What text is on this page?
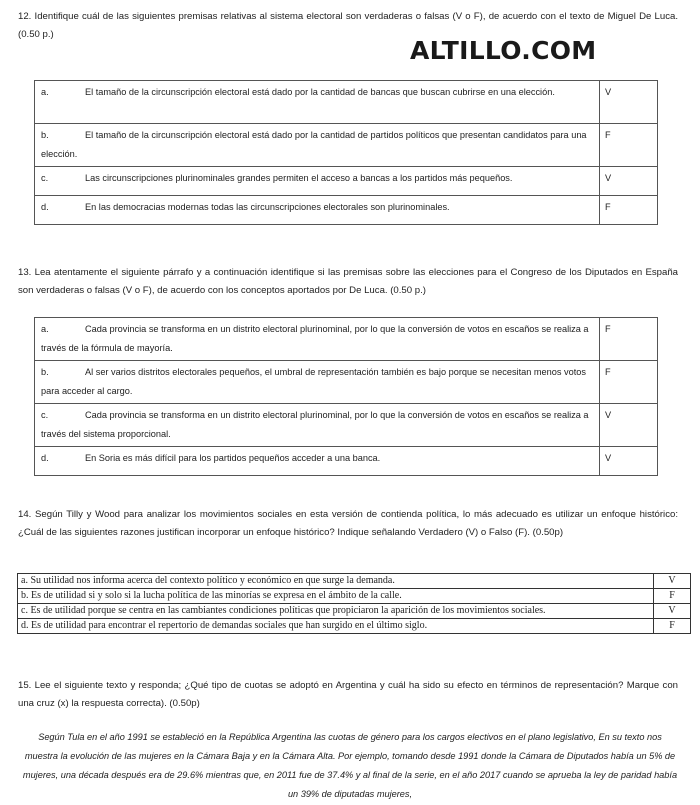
12. Identifique cuál de las siguientes premisas relativas al sistema electoral son verdaderas o falsas (V o F), de acuerdo con el texto de Miguel De Luca. (0.50 p.)
ALTILLO.COM
a. El tamaño de la circunscripción electoral está dado por la cantidad de bancas que buscan cubrirse en una elección.	V
b. El tamaño de la circunscripción electoral está dado por la cantidad de partidos políticos que presentan candidatos para una elección.	F
c. Las circunscripciones plurinominales grandes permiten el acceso a bancas a los partidos más pequeños.	V
d. En las democracias modernas todas las circunscripciones electorales son plurinominales.	F
13. Lea atentamente el siguiente párrafo y a continuación identifique si las premisas sobre las elecciones para el Congreso de los Diputados en España son verdaderas o falsas (V o F), de acuerdo con los conceptos aportados por De Luca. (0.50 p.)
a. Cada provincia se transforma en un distrito electoral plurinominal, por lo que la conversión de votos en escaños se realiza a través de la fórmula de mayoría.	F
b. Al ser varios distritos electorales pequeños, el umbral de representación también es bajo porque se necesitan menos votos para acceder al cargo.	F
c. Cada provincia se transforma en un distrito electoral plurinominal, por lo que la conversión de votos en escaños se realiza a través del sistema proporcional.	V
d. En Soria es más difícil para los partidos pequeños acceder a una banca.	V
14. Según Tilly y Wood para analizar los movimientos sociales en esta versión de contienda política, lo más adecuado es utilizar un enfoque histórico: ¿Cuál de las siguientes razones justifican incorporar un enfoque histórico? Indique señalando Verdadero (V) o Falso (F). (0.50p)
a. Su utilidad nos informa acerca del contexto político y económico en que surge la demanda.	V
b. Es de utilidad si y solo si la lucha política de las minorías se expresa en el ámbito de la calle.	F
c. Es de utilidad porque se centra en las cambiantes condiciones políticas que propiciaron la aparición de los movimientos sociales.	V
d. Es de utilidad para encontrar el repertorio de demandas sociales que han surgido en el último siglo.	F
15. Lee el siguiente texto y responda; ¿Qué tipo de cuotas se adoptó en Argentina y cuál ha sido su efecto en términos de representación? Marque con una cruz (x) la respuesta correcta). (0.50p)
Según Tula en el año 1991 se estableció en la República Argentina las cuotas de género para los cargos electivos en el plano legislativo, En su texto nos muestra la evolución de las mujeres en la Cámara Baja y en la Cámara Alta. Por ejemplo, tomando desde 1991 donde la Cámara de Diputados había un 5% de mujeres, una década después era de 29.6% mientras que, en 2011 fue de 37.4% y al final de la serie, en el año 2017 cuando se aprueba la ley de paridad había un 39% de diputadas mujeres,
